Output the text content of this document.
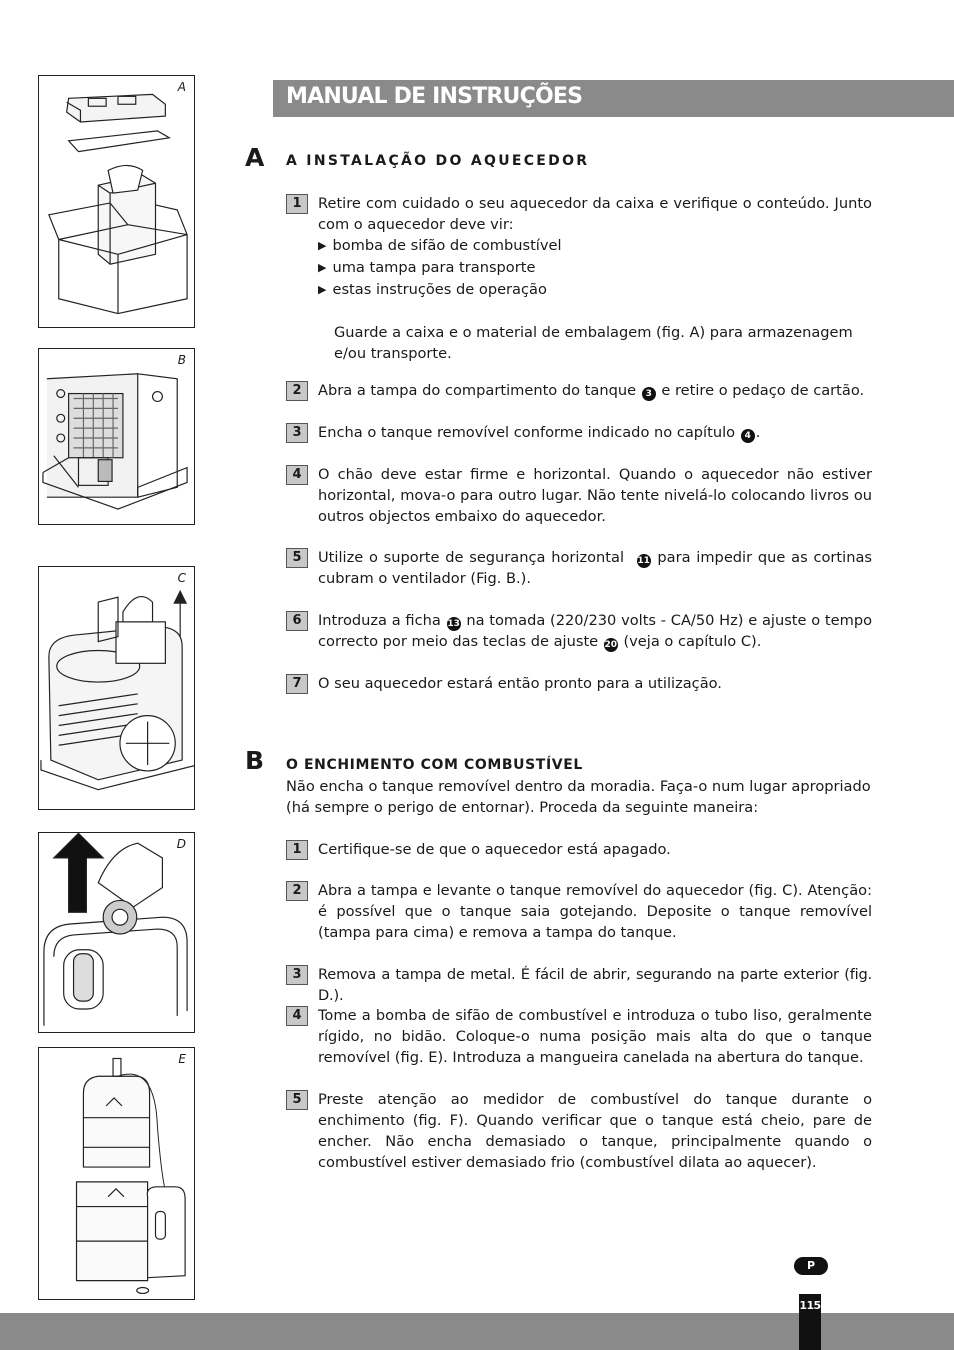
A
B
C
D
E
MANUAL DE INSTRUÇÕES
A A INSTALAÇÃO DO AQUECEDOR
1	Retire com cuidado o seu aquecedor da caixa e verifique o conteúdo. Junto com o aquecedor deve vir:
▶ bomba de sifão de combustível
▶ uma tampa para transporte
▶ estas instruções de operação
Guarde a caixa e o material de embalagem (fig. A) para armazenagem e/ou transporte.
2	Abra a tampa do compartimento do tanque 3 e retire o pedaço de cartão.
3	Encha o tanque removível conforme indicado no capítulo 4 .
4	O chão deve estar firme e horizontal. Quando o aquecedor não estiver horizontal, mova-o para outro lugar. Não tente nivelá-lo colocando livros ou outros objectos embaixo do aquecedor.
5	Utilize o suporte de segurança horizontal 11 para impedir que as cortinas cubram o ventilador (Fig. B.).
6	Introduza a ficha 13 na tomada (220/230 volts - CA/50 Hz) e ajuste o tempo correcto por meio das teclas de ajuste 20 (veja o capítulo C).
7	O seu aquecedor estará então pronto para a utilização.
B O ENCHIMENTO COM COMBUSTÍVEL
Não encha o tanque removível dentro da moradia. Faça-o num lugar apropriado (há sempre o perigo de entornar). Proceda da seguinte maneira:
1	Certifique-se de que o aquecedor está apagado.
2	Abra a tampa e levante o tanque removível do aquecedor (fig. C). Atenção: é possível que o tanque saia gotejando. Deposite o tanque removível (tampa para cima) e remova a tampa do tanque.
3	Remova a tampa de metal. É fácil de abrir, segurando na parte exterior (fig. D.).
4	Tome a bomba de sifão de combustível e introduza o tubo liso, geralmente rígido, no bidão. Coloque-o numa posição mais alta do que o tanque removível (fig. E). Introduza a mangueira canelada na abertura do tanque.
5	Preste atenção ao medidor de combustível do tanque durante o enchimento (fig. F). Quando verificar que o tanque está cheio, pare de encher. Não encha demasiado o tanque, principalmente quando o combustível estiver demasiado frio (combustível dilata ao aquecer).
P
115
